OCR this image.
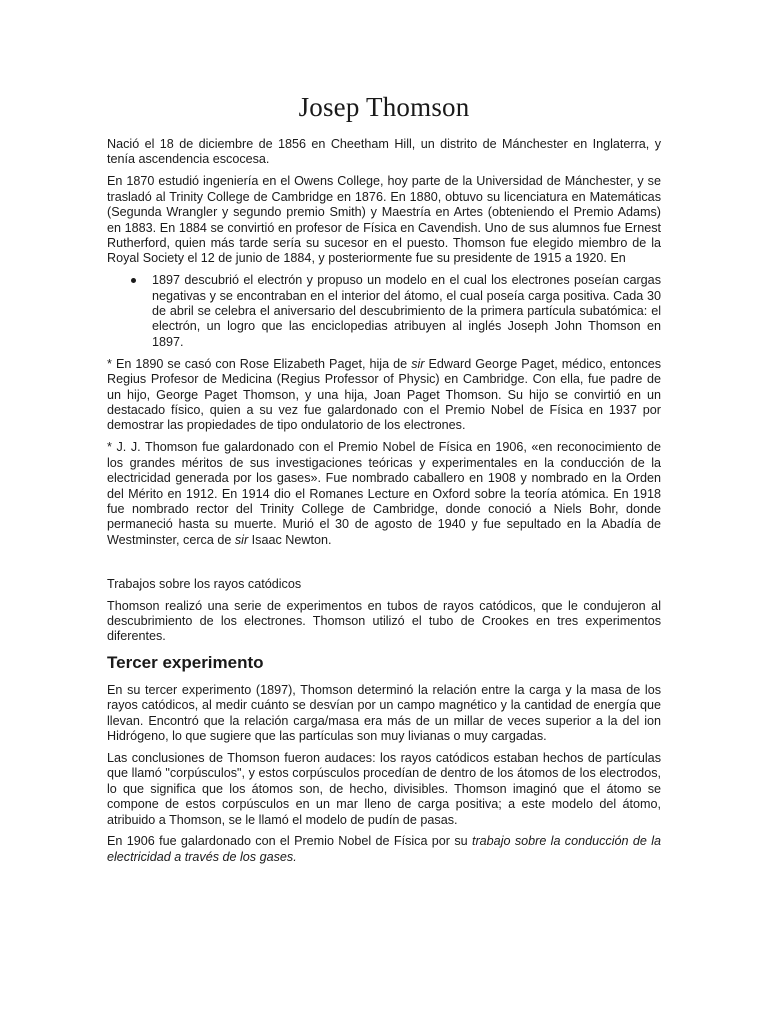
Josep Thomson

Nació el 18 de diciembre de 1856 en Cheetham Hill, un distrito de Mánchester en Inglaterra, y tenía ascendencia escocesa.

En 1870 estudió ingeniería en el Owens College, hoy parte de la Universidad de Mánchester, y se trasladó al Trinity College de Cambridge en 1876. En 1880, obtuvo su licenciatura en Matemáticas (Segunda Wrangler y segundo premio Smith) y Maestría en Artes (obteniendo el Premio Adams) en 1883. En 1884 se convirtió en profesor de Física en Cavendish. Uno de sus alumnos fue Ernest Rutherford, quien más tarde sería su sucesor en el puesto. Thomson fue elegido miembro de la Royal Society el 12 de junio de 1884, y posteriormente fue su presidente de 1915 a 1920. En

1897 descubrió el electrón y propuso un modelo en el cual los electrones poseían cargas negativas y se encontraban en el interior del átomo, el cual poseía carga positiva. Cada 30 de abril se celebra el aniversario del descubrimiento de la primera partícula subatómica: el electrón, un logro que las enciclopedias atribuyen al inglés Joseph John Thomson en 1897.

* En 1890 se casó con Rose Elizabeth Paget, hija de sir Edward George Paget, médico, entonces Regius Profesor de Medicina (Regius Professor of Physic) en Cambridge. Con ella, fue padre de un hijo, George Paget Thomson, y una hija, Joan Paget Thomson. Su hijo se convirtió en un destacado físico, quien a su vez fue galardonado con el Premio Nobel de Física en 1937 por demostrar las propiedades de tipo ondulatorio de los electrones.

* J. J. Thomson fue galardonado con el Premio Nobel de Física en 1906, «en reconocimiento de los grandes méritos de sus investigaciones teóricas y experimentales en la conducción de la electricidad generada por los gases». Fue nombrado caballero en 1908 y nombrado en la Orden del Mérito en 1912. En 1914 dio el Romanes Lecture en Oxford sobre la teoría atómica. En 1918 fue nombrado rector del Trinity College de Cambridge, donde conoció a Niels Bohr, donde permaneció hasta su muerte. Murió el 30 de agosto de 1940 y fue sepultado en la Abadía de Westminster, cerca de sir Isaac Newton.

Trabajos sobre los rayos catódicos

Thomson realizó una serie de experimentos en tubos de rayos catódicos, que le condujeron al descubrimiento de los electrones. Thomson utilizó el tubo de Crookes en tres experimentos diferentes.

Tercer experimento

En su tercer experimento (1897), Thomson determinó la relación entre la carga y la masa de los rayos catódicos, al medir cuánto se desvían por un campo magnético y la cantidad de energía que llevan. Encontró que la relación carga/masa era más de un millar de veces superior a la del ion Hidrógeno, lo que sugiere que las partículas son muy livianas o muy cargadas.

Las conclusiones de Thomson fueron audaces: los rayos catódicos estaban hechos de partículas que llamó "corpúsculos", y estos corpúsculos procedían de dentro de los átomos de los electrodos, lo que significa que los átomos son, de hecho, divisibles. Thomson imaginó que el átomo se compone de estos corpúsculos en un mar lleno de carga positiva; a este modelo del átomo, atribuido a Thomson, se le llamó el modelo de pudín de pasas.

En 1906 fue galardonado con el Premio Nobel de Física por su trabajo sobre la conducción de la electricidad a través de los gases.
